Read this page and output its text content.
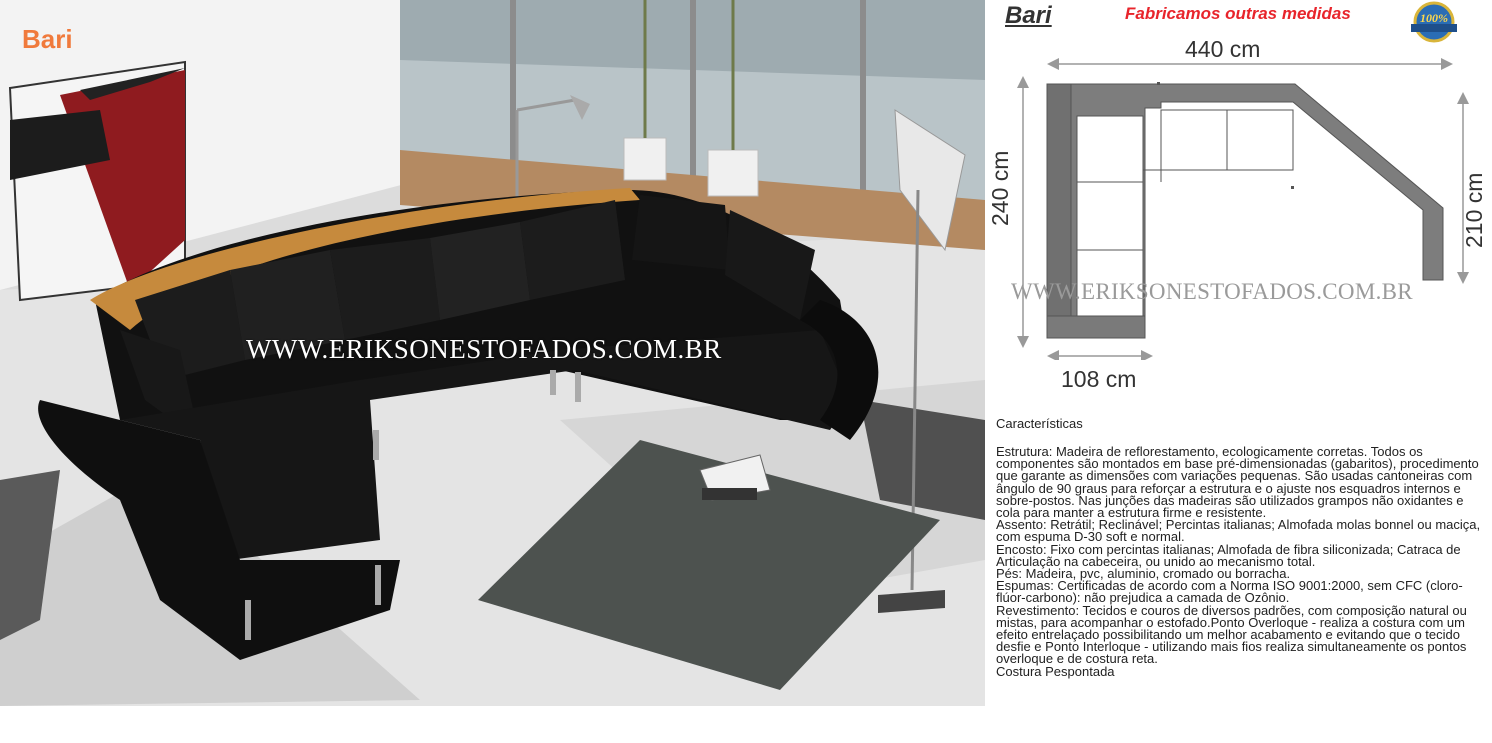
Bari
WWW.ERIKSONESTOFADOS.COM.BR
Bari	Fabricamos outras medidas	100%
440 cm
240 cm	210 cm
108 cm
WWW.ERIKSONESTOFADOS.COM.BR
Características

Estrutura: Madeira de reflorestamento, ecologicamente corretas. Todos os componentes são montados em base pré-dimensionadas (gabaritos), procedimento que garante as dimensões com variações pequenas. São usadas cantoneiras com ângulo de 90 graus para reforçar a estrutura e o ajuste nos esquadros internos e sobre-postos. Nas junções das madeiras são utilizados grampos não oxidantes e cola para manter a estrutura firme e resistente.

Assento: Retrátil; Reclinável; Percintas italianas; Almofada molas bonnel ou maciça, com espuma D-30 soft e normal.

Encosto: Fixo com percintas italianas; Almofada de fibra siliconizada; Catraca de Articulação na cabeceira, ou unido ao mecanismo total.

Pés: Madeira, pvc, aluminio, cromado ou borracha.

Espumas: Certificadas de acordo com a Norma ISO 9001:2000, sem CFC (cloro-flúor-carbono): não prejudica a camada de Ozônio.

Revestimento: Tecidos e couros de diversos padrões, com composição natural ou mistas, para acompanhar o estofado.Ponto Overloque - realiza a costura com um efeito entrelaçado possibilitando um melhor acabamento e evitando que o tecido desfie e Ponto Interloque - utilizando mais fios realiza simultaneamente os pontos overloque e de costura reta.

Costura Pespontada
